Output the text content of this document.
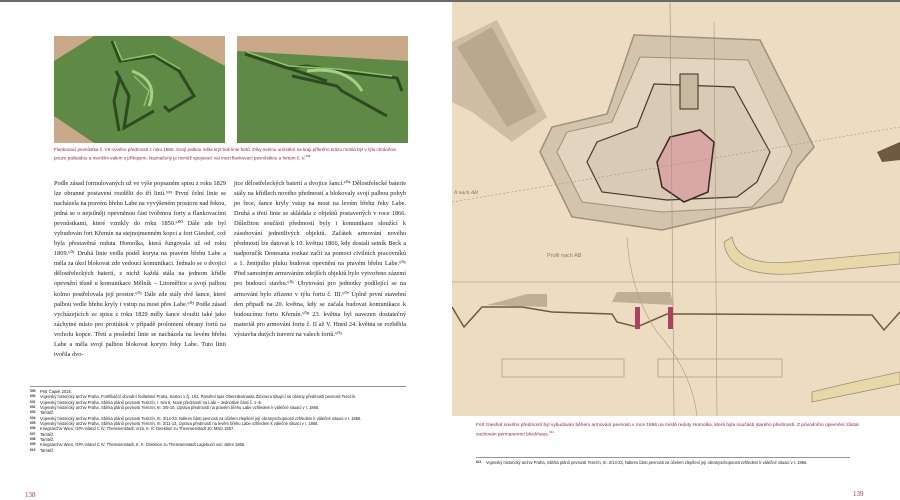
Flankovací pevnůstka č. VII nového předmostí z roku 1866. Svojí palbou měla krýt bok linie fortů. Díky svému umístění na kraji příkrého srázu mohla být v týlu chráněná pouze palisádou a menším valem s příkopem. Naznačený je rovněž spojovací val mezi flankovací pevnůstkou a fortem č. V.$^{598}$
Podle zásad formulovaných už ve výše popsaném spisu z roku 1829 lze obranné postavení rozdělit do tří linií.⁵⁹⁹ První čelní linie se nacházela na pravém břehu Labe na vyvýšeném prostoru nad řekou, jedná se o nejsilněji opevněnou část tvořenou forty a flankovacími pevnůstkami, které vznikly do roku 1850.⁶⁰⁰ Dále zde byl vybudován fort Křemín na stejnojmenném kopci a fort Gieshof, což byla přestavěná reduta Homolka, která fungovala už od roku 1809.⁶⁰¹ Druhá linie vedla podél koryta na pravém břehu Labe a měla za úkol blokovat zde vedoucí komunikaci. Jednalo se o dvojici dělostřeleckých baterií, z nichž každá stála na jednom křídle opevnění těsně u komunikace Mělník – Litoměřice a svojí palbou kolmo postřelovala její prostor.⁶⁰² Dále zde stály dvě šance, které palbou vedle břehu kryly i vstup na most přes Labe.⁶⁰³ Podle zásad vycházejících ze spisu z roku 1829 měly šance sloužit také jako záchytné místo pro protiútok v případě prolomení obrany fortů na vrcholu kopce. Třetí a poslední linie se nacházela na levém břehu Labe a měla svojí palbou blokovat koryto řeky Labe. Tuto linii tvořila dvo-
jice dělostřeleckých baterií a dvojice šancí.⁶⁰⁴ Dělostřelecké baterie stály na křídlech nového předmostí a blokovaly svojí palbou pohyb po řece, šance kryly vstup na most na levém břehu řeky Labe. Druhá a třetí linie se skládala z objektů postavených v roce 1866. Důležitou součástí předmostí byly i komunikace sloužící k zásobování jednotlivých objektů. Začátek armování nového předmostí lze datovat k 10. květnu 1866, kdy dostali setník Beck a nadporučík Donesana rozkaz začít za pomoci civilních pracovníků a 1. ženijního pluku budovat opevnění na pravém břehu Labe.⁶⁰⁵ Před samotným armováním zdejších objektů bylo vytvořeno zázemí pro budoucí stavbu.⁶⁰⁶ Ubytování pro jednotky podílející se na armování bylo zřízeno v týlu fortu č. III.⁶⁰⁷ Úplně první stavební den připadl na 20. května, kdy se začala budovat komunikace k budoucímu fortu Křemín.⁶⁰⁸ 23. května byl navezen dostatečný materiál pro armování fortu č. II až V. Hned 24. května se rozběhla výstavba dutých traverz na valech fortů.⁶⁰⁹
599 Petr Čapek 2016.
600 Vojenský historický archiv Praha, Fortifikační obvodní ředitelství Praha, Karton 1 čj. 161, Pamětní spis Oberstleutnanta Zimmera týkající se obrany předmostí pevnosti Terezín.
601 Vojenský historický archiv Praha, Sbírka plánů pevnosti Terezín, I. N/a 5, Nové předmostí na Labi – Jednotlivé části č. 1–6.
602 Vojenský historický archiv Praha, Sbírka plánů pevnosti Terezín, III. 3/5-10, Úprava předmostí na pravém břehu Labe vzhledem k válečné situaci v r. 1866.
603 Tamtéž.
604 Vojenský historický archiv Praha, Sbírka plánů pevnosti Terezín, III. 3/14-23, Nákres části pevnosti za účelem zlepšení její obranyschopnosti vzhledem k válečné situaci v r. 1866.
605 Vojenský historický archiv Praha, Sbírka plánů pevnosti Terezín, III. 3/11-13, Úprava předmostí na levém břehu Labe vzhledem k válečné situaci v r. 1866.
606 Kriegsarchiv Wien, GPA Inland C IV, Theresienstadt, vr15, K. K. Direktion zu Theresienstadt 30. März 1867.
607 Tamtéž.
608 Tamtéž.
609 Kriegsarchiv Wien, GPA Inland C IV, Theresienstadt, K. K. Direktion zu Theresienstadt Lagebuch von Jahre 1866.
610 Tamtéž.
138
Il nach AH
Profil nach AB
Fort Gieshof nového předmostí byl vybudován během armování pevnosti v roce 1866 na místě reduty Homolka, která byla součástí starého předmostí. Z původního opevnění zůstal zachován permanentní blockhaus.$^{611}$
611 Vojenský historický archiv Praha, Sbírka plánů pevnosti Terezín, III. 3/14-23, Nákres části pevnosti za účelem zlepšení její obranyschopnosti vzhledem k válečné situaci v r. 1866.
139
